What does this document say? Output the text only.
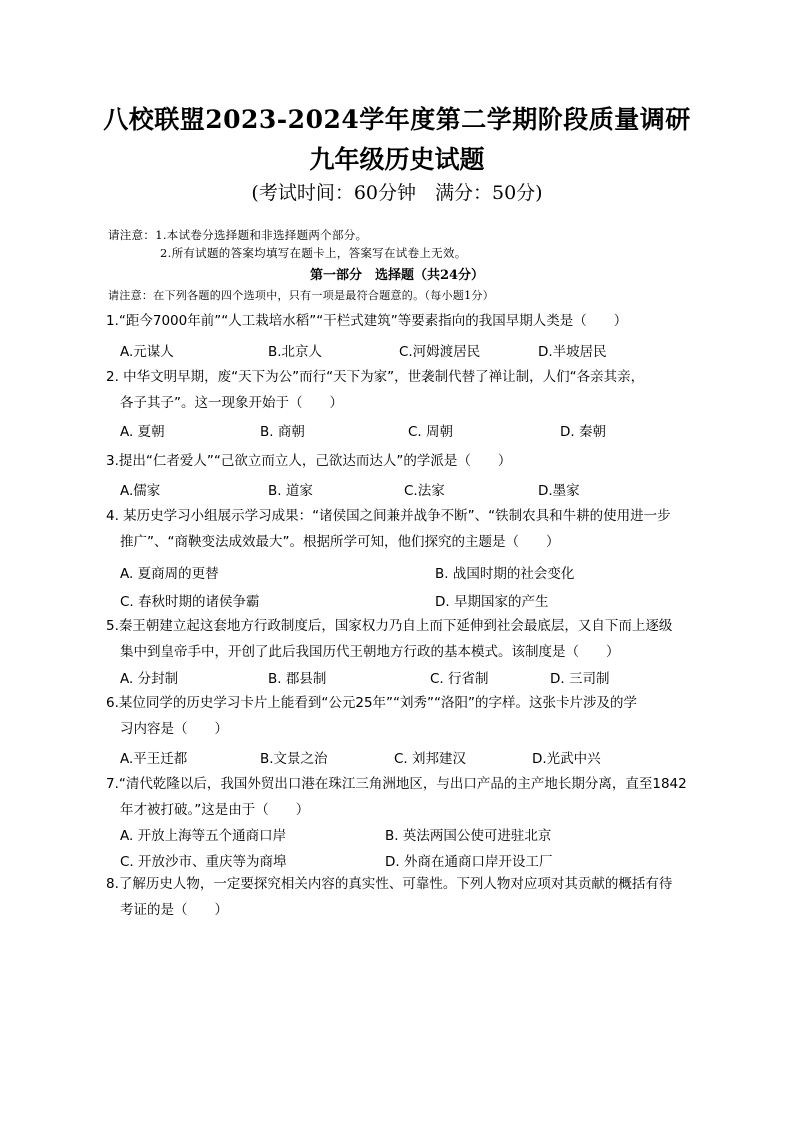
八校联盟2023-2024学年度第二学期阶段质量调研
九年级历史试题
(考试时间：60分钟　满分：50分)
请注意：1.本试卷分选择题和非选择题两个部分。
2.所有试题的答案均填写在题卡上，答案写在试卷上无效。
第一部分　选择题（共24分）
请注意：在下列各题的四个选项中，只有一项是最符合题意的。（每小题1分）
1.“距今7000年前”“人工栽培水稻”“干栏式建筑”等要素指向的我国早期人类是（　　）
A.元谋人	B.北京人	C.河姆渡居民	D.半坡居民
2. 中华文明早期，废“天下为公”而行“天下为家”，世袭制代替了禅让制，人们“各亲其亲，
各子其子”。这一现象开始于（　　）
A. 夏朝	B. 商朝	C. 周朝	D. 秦朝
3.提出“仁者爱人”“己欲立而立人，己欲达而达人”的学派是（　　）
A.儒家	B. 道家	C.法家	D.墨家
4. 某历史学习小组展示学习成果：“诸侯国之间兼并战争不断”、“铁制农具和牛耕的使用进一步
推广”、“商鞅变法成效最大”。根据所学可知，他们探究的主题是（　　）
A. 夏商周的更替	B. 战国时期的社会变化
C. 春秋时期的诸侯争霸	D. 早期国家的产生
5.秦王朝建立起这套地方行政制度后，国家权力乃自上而下延伸到社会最底层，又自下而上逐级
集中到皇帝手中，开创了此后我国历代王朝地方行政的基本模式。该制度是（　　）
A. 分封制	B. 郡县制	C. 行省制	D. 三司制
6.某位同学的历史学习卡片上能看到“公元25年”“刘秀”“洛阳”的字样。这张卡片涉及的学
习内容是（　　）
A.平王迁都	B.文景之治	C. 刘邦建汉	D.光武中兴
7.“清代乾隆以后，我国外贸出口港在珠江三角洲地区，与出口产品的主产地长期分离，直至1842
年才被打破。”这是由于（　　）
A. 开放上海等五个通商口岸	B. 英法两国公使可进驻北京
C. 开放沙市、重庆等为商埠	D. 外商在通商口岸开设工厂
8.了解历史人物，一定要探究相关内容的真实性、可靠性。下列人物对应项对其贡献的概括有待
考证的是（　　）
